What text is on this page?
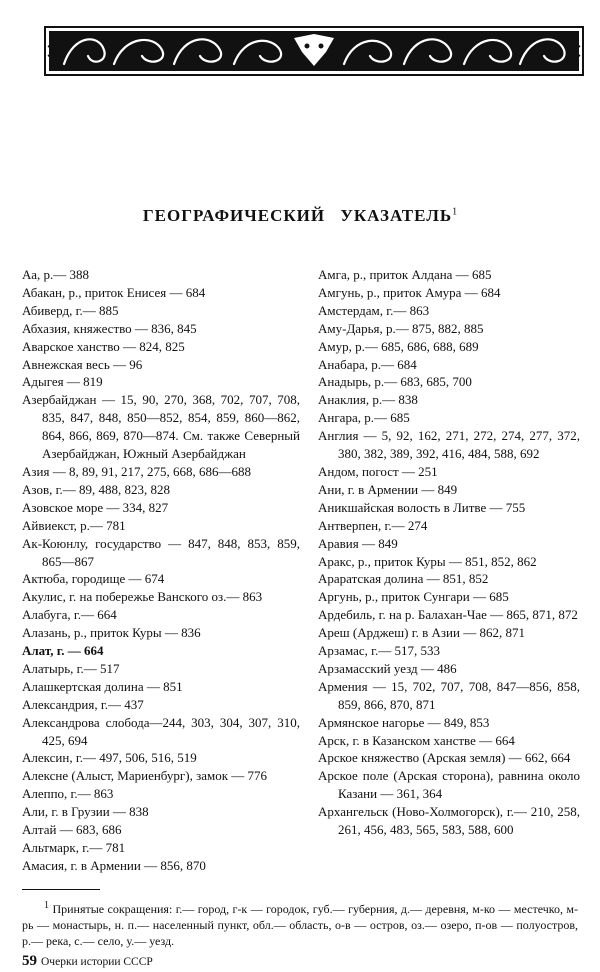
ГЕОГРАФИЧЕСКИЙ УКАЗАТЕЛЬ$^1$
Аа, р.— 388
Абакан, р., приток Енисея — 684
Абиверд, г.— 885
Абхазия, княжество — 836, 845
Аварское ханство — 824, 825
Авнежская весь — 96
Адыгея — 819
Азербайджан — 15, 90, 270, 368, 702, 707, 708, 835, 847, 848, 850—852, 854, 859, 860—862, 864, 866, 869, 870—874. См. также Северный Азербайджан, Южный Азербайджан
Азия — 8, 89, 91, 217, 275, 668, 686—688
Азов, г.— 89, 488, 823, 828
Азовское море — 334, 827
Айвиекст, р.— 781
Ак-Коюнлу, государство — 847, 848, 853, 859, 865—867
Актюба, городище — 674
Акулис, г. на побережье Ванского оз.— 863
Алабуга, г.— 664
Алазань, р., приток Куры — 836
Алат, г. — 664
Алатырь, г.— 517
Алашкертская долина — 851
Александрия, г.— 437
Александрова слобода—244, 303, 304, 307, 310, 425, 694
Алексин, г.— 497, 506, 516, 519
Алексне (Алыст, Мариенбург), замок — 776
Алеппо, г.— 863
Али, г. в Грузии — 838
Алтай — 683, 686
Альтмарк, г.— 781
Амасия, г. в Армении — 856, 870
Амга, р., приток Алдана — 685
Амгунь, р., приток Амура — 684
Амстердам, г.— 863
Аму-Дарья, р.— 875, 882, 885
Амур, р.— 685, 686, 688, 689
Анабара, р.— 684
Анадырь, р.— 683, 685, 700
Анаклия, р.— 838
Ангара, р.— 685
Англия — 5, 92, 162, 271, 272, 274, 277, 372, 380, 382, 389, 392, 416, 484, 588, 692
Андом, погост — 251
Ани, г. в Армении — 849
Аникшайская волость в Литве — 755
Антверпен, г.— 274
Аравия — 849
Аракс, р., приток Куры — 851, 852, 862
Араратская долина — 851, 852
Аргунь, р., приток Сунгари — 685
Ардебиль, г. на р. Балахан-Чае — 865, 871, 872
Ареш (Арджеш) г. в Азии — 862, 871
Арзамас, г.— 517, 533
Арзамасский уезд — 486
Армения — 15, 702, 707, 708, 847—856, 858, 859, 866, 870, 871
Армянское нагорье — 849, 853
Арск, г. в Казанском ханстве — 664
Арское княжество (Арская земля) — 662, 664
Арское поле (Арская сторона), равнина около Казани — 361, 364
Архангельск (Ново-Холмогорск), г.— 210, 258, 261, 456, 483, 565, 583, 588, 600
$^1$ Принятые сокращения: г.— город, г-к — городок, губ.— губерния, д.— деревня, м-ко — местечко, м-рь — монастырь, н. п.— населенный пункт, обл.— область, о-в — остров, оз.— озеро, п-ов — полуостров, р.— река, с.— село, у.— уезд.
59 Очерки истории СССР
